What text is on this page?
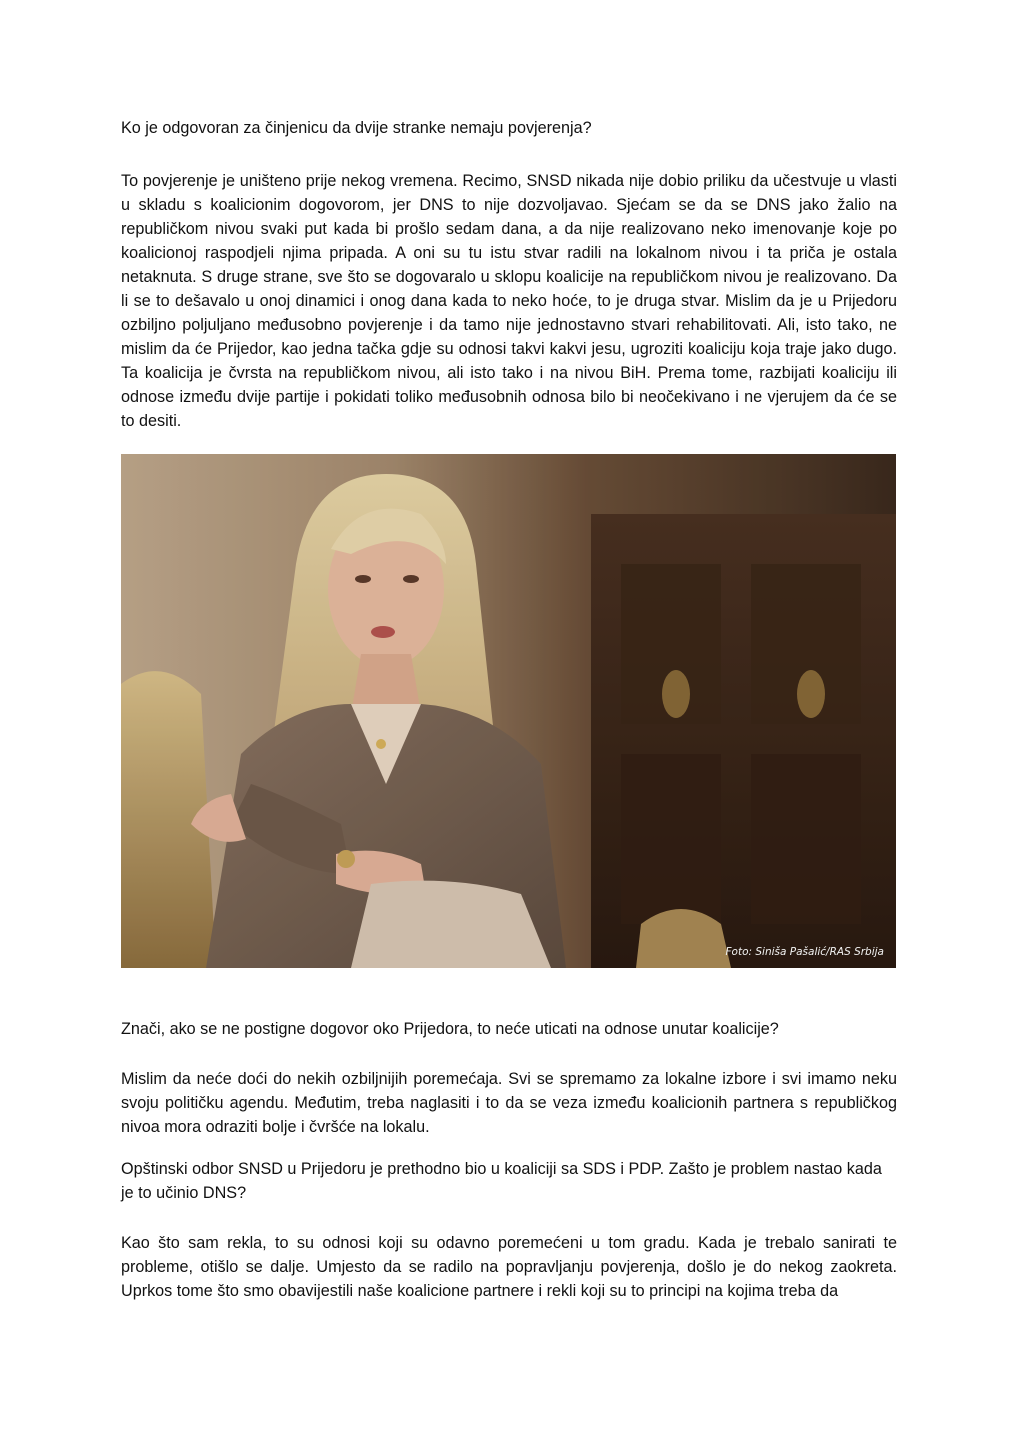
Ko je odgovoran za činjenicu da dvije stranke nemaju povjerenja?

To povjerenje je uništeno prije nekog vremena. Recimo, SNSD nikada nije dobio priliku da učestvuje u vlasti u skladu s koalicionim dogovorom, jer DNS to nije dozvoljavao. Sjećam se da se DNS jako žalio na republičkom nivou svaki put kada bi prošlo sedam dana, a da nije realizovano neko imenovanje koje po koalicionoj raspodjeli njima pripada. A oni su tu istu stvar radili na lokalnom nivou i ta priča je ostala netaknuta. S druge strane, sve što se dogovaralo u sklopu koalicije na republičkom nivou je realizovano. Da li se to dešavalo u onoj dinamici i onog dana kada to neko hoće, to je druga stvar. Mislim da je u Prijedoru ozbiljno poljuljano međusobno povjerenje i da tamo nije jednostavno stvari rehabilitovati. Ali, isto tako, ne mislim da će Prijedor, kao jedna tačka gdje su odnosi takvi kakvi jesu, ugroziti koaliciju koja traje jako dugo. Ta koalicija je čvrsta na republičkom nivou, ali isto tako i na nivou BiH. Prema tome, razbijati koaliciju ili odnose između dvije partije i pokidati toliko međusobnih odnosa bilo bi neočekivano i ne vjerujem da će se to desiti.

Foto: Siniša Pašalić/RAS Srbija

Znači, ako se ne postigne dogovor oko Prijedora, to neće uticati na odnose unutar koalicije?

Mislim da neće doći do nekih ozbiljnijih poremećaja. Svi se spremamo za lokalne izbore i svi imamo neku svoju političku agendu. Međutim, treba naglasiti i to da se veza između koalicionih partnera s republičkog nivoa mora odraziti bolje i čvršće na lokalu.

Opštinski odbor SNSD u Prijedoru je prethodno bio u koaliciji sa SDS i PDP. Zašto je problem nastao kada je to učinio DNS?

Kao što sam rekla, to su odnosi koji su odavno poremećeni u tom gradu. Kada je trebalo sanirati te probleme, otišlo se dalje. Umjesto da se radilo na popravljanju povjerenja, došlo je do nekog zaokreta. Uprkos tome što smo obavijestili naše koalicione partnere i rekli koji su to principi na kojima treba da
